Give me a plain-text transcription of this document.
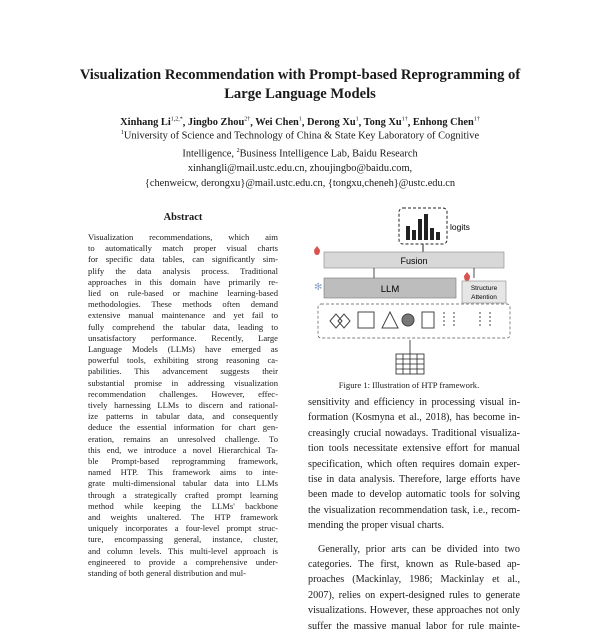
Visualization Recommendation with Prompt-based Reprogramming of
Large Language Models
Xinhang $Li^{1,2,*}$, Jingbo Zhou$^{2\dagger}$, Wei Chen$^1$, Derong Xu$^1$, Tong $Xu^{1\dagger}$, Enhong Chen$^{1\dagger}$
$^1$University of Science and Technology of China & State Key Laboratory of Cognitive
Intelligence, $^2$Business Intelligence Lab, Baidu Research
xinhangli@mail.ustc.edu.cn, zhoujingbo@baidu.com,
{chenweicw, derongxu}@mail.ustc.edu.cn, {tongxu,cheneh}@ustc.edu.cn
Abstract
Visualization recommendations, which aim
to automatically match proper visual charts
for specific data tables, can significantly sim-
plify the data analysis process. Traditional
approaches in this domain have primarily re-
lied on rule-based or machine learning-based
methodologies. These methods often demand
extensive manual maintenance and yet fail to
fully comprehend the tabular data, leading to
unsatisfactory performance. Recently, Large
Language Models (LLMs) have emerged as
powerful tools, exhibiting strong reasoning ca-
pabilities. This advancement suggests their
substantial promise in addressing visualization
recommendation challenges. However, effec-
tively harnessing LLMs to discern and rational-
ize patterns in tabular data, and consequently
deduce the essential information for chart gen-
eration, remains an unresolved challenge. To
this end, we introduce a novel Hierarchical Ta-
ble Prompt-based reprogramming framework,
named HTP. This framework aims to inte-
grate multi-dimensional tabular data into LLMs
through a strategically crafted prompt learning
method while keeping the LLMs' backbone
and weights unaltered. The HTP framework
uniquely incorporates a four-level prompt struc-
ture, encompassing general, instance, cluster,
and column levels. This multi-level approach is
engineered to provide a comprehensive under-
standing of both general distribution and mul-
logits
Fusion
✻	LLM	Structure
Attention

Figure 1: Illustration of HTP framework.

sensitivity and efficiency in processing visual in-
formation (Kosmyna et al., 2018), has become in-
creasingly crucial nowadays. Traditional visualiza-
tion tools necessitate extensive effort for manual
specification, which often requires domain exper-
tise in data analysis. Therefore, large efforts have
been made to develop automatic tools for solving
the visualization recommendation task, i.e., recom-
mending the proper visual charts.
Generally, prior arts can be divided into two
categories. The first, known as Rule-based ap-
proaches (Mackinlay, 1986; Mackinlay et al.,
2007), relies on expert-designed rules to generate
visualizations. However, these approaches not only
suffer the massive manual labor for rule mainte-
